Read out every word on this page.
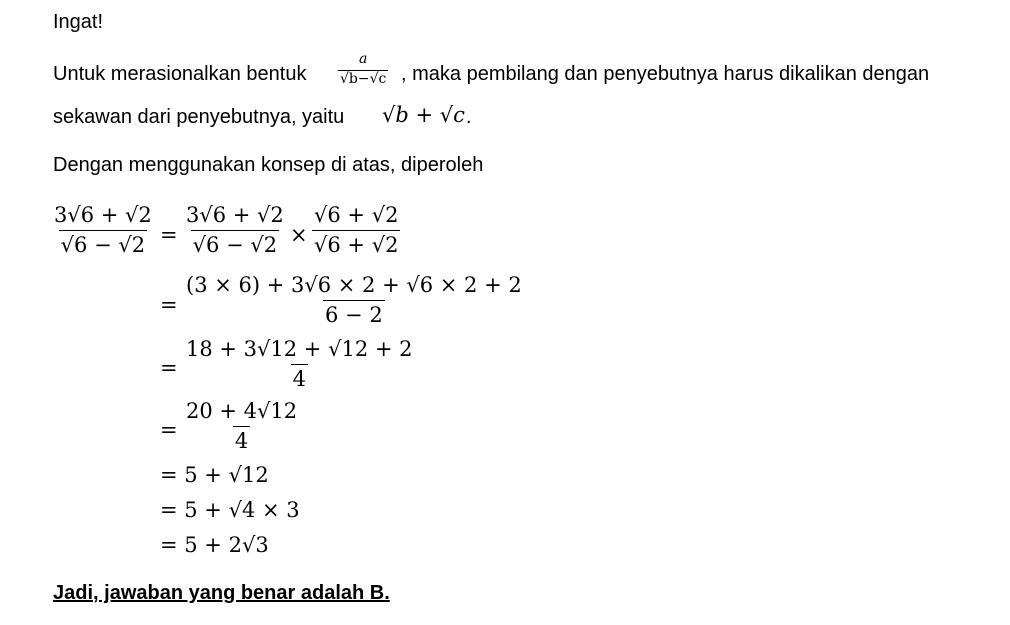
Ingat!
Untuk merasionalkan bentuk $\frac{a}{√b-√c}$ , maka pembilang dan penyebutnya harus dikalikan dengan
sekawan dari penyebutnya, yaitu √b + √c .
Dengan menggunakan konsep di atas, diperoleh
$\frac{3√6 + √2}{√6 - √2} = \frac{3√6 + √2}{√6 - √2} \times \frac{√6 + √2}{√6 + √2}$
= $\frac{(3 \times 6) + 3√6 \times 2 + √6 \times 2 + 2}{6 - 2}$
= $\frac{18 + 3√12 + √12 + 2}{4}$
= $\frac{20 + 4√12}{4}$
= 5 + √12
= 5 + √4 × 3
= 5 + 2√3
Jadi, jawaban yang benar adalah B.
